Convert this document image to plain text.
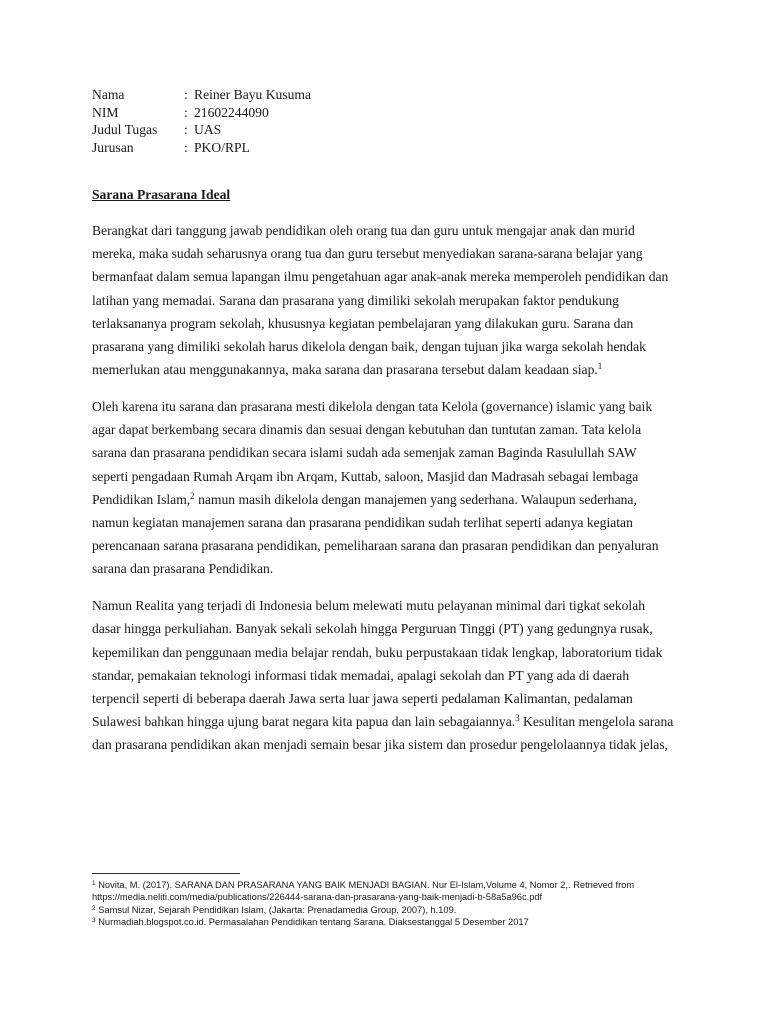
Nama	: Reiner Bayu Kusuma
NIM	: 21602244090
Judul Tugas	: UAS
Jurusan	: PKO/RPL
Sarana Prasarana Ideal

Berangkat dari tanggung jawab pendidikan oleh orang tua dan guru untuk mengajar anak dan murid mereka, maka sudah seharusnya orang tua dan guru tersebut menyediakan sarana-sarana belajar yang bermanfaat dalam semua lapangan ilmu pengetahuan agar anak-anak mereka memperoleh pendidikan dan latihan yang memadai. Sarana dan prasarana yang dimiliki sekolah merupakan faktor pendukung terlaksananya program sekolah, khususnya kegiatan pembelajaran yang dilakukan guru. Sarana dan prasarana yang dimiliki sekolah harus dikelola dengan baik, dengan tujuan jika warga sekolah hendak memerlukan atau menggunakannya, maka sarana dan prasarana tersebut dalam keadaan siap.$^1$

Oleh karena itu sarana dan prasarana mesti dikelola dengan tata Kelola (governance) islamic yang baik agar dapat berkembang secara dinamis dan sesuai dengan kebutuhan dan tuntutan zaman. Tata kelola sarana dan prasarana pendidikan secara islami sudah ada semenjak zaman Baginda Rasulullah SAW seperti pengadaan Rumah Arqam ibn Arqam, Kuttab, saloon, Masjid dan Madrasah sebagai lembaga Pendidikan Islam,$^2$ namun masih dikelola dengan manajemen yang sederhana. Walaupun sederhana, namun kegiatan manajemen sarana dan prasarana pendidikan sudah terlihat seperti adanya kegiatan perencanaan sarana prasarana pendidikan, pemeliharaan sarana dan prasaran pendidikan dan penyaluran sarana dan prasarana Pendidikan.

Namun Realita yang terjadi di Indonesia belum melewati mutu pelayanan minimal dari tigkat sekolah dasar hingga perkuliahan. Banyak sekali sekolah hingga Perguruan Tinggi (PT) yang gedungnya rusak, kepemilikan dan penggunaan media belajar rendah, buku perpustakaan tidak lengkap, laboratorium tidak standar, pemakaian teknologi informasi tidak memadai, apalagi sekolah dan PT yang ada di daerah terpencil seperti di beberapa daerah Jawa serta luar jawa seperti pedalaman Kalimantan, pedalaman Sulawesi bahkan hingga ujung barat negara kita papua dan lain sebagaiannya.$^3$ Kesulitan mengelola sarana dan prasarana pendidikan akan menjadi semain besar jika sistem dan prosedur pengelolaannya tidak jelas,

$^1$ Novita, M. (2017). SARANA DAN PRASARANA YANG BAIK MENJADI BAGIAN. Nur El-Islam,Volume 4, Nomor 2,. Retrieved from https://media.neliti.com/media/publications/226444-sarana-dan-prasarana-yang-baik-menjadi-b-58a5a96c.pdf

$^2$ Samsul Nizar, Sejarah Pendidikan Islam, (Jakarta: Prenadamedia Group, 2007), h.109.

$^3$ Nurmadiah.blogspot.co.id. Permasalahan Pendidikan tentang Sarana. Diaksestanggal 5 Desember 2017
